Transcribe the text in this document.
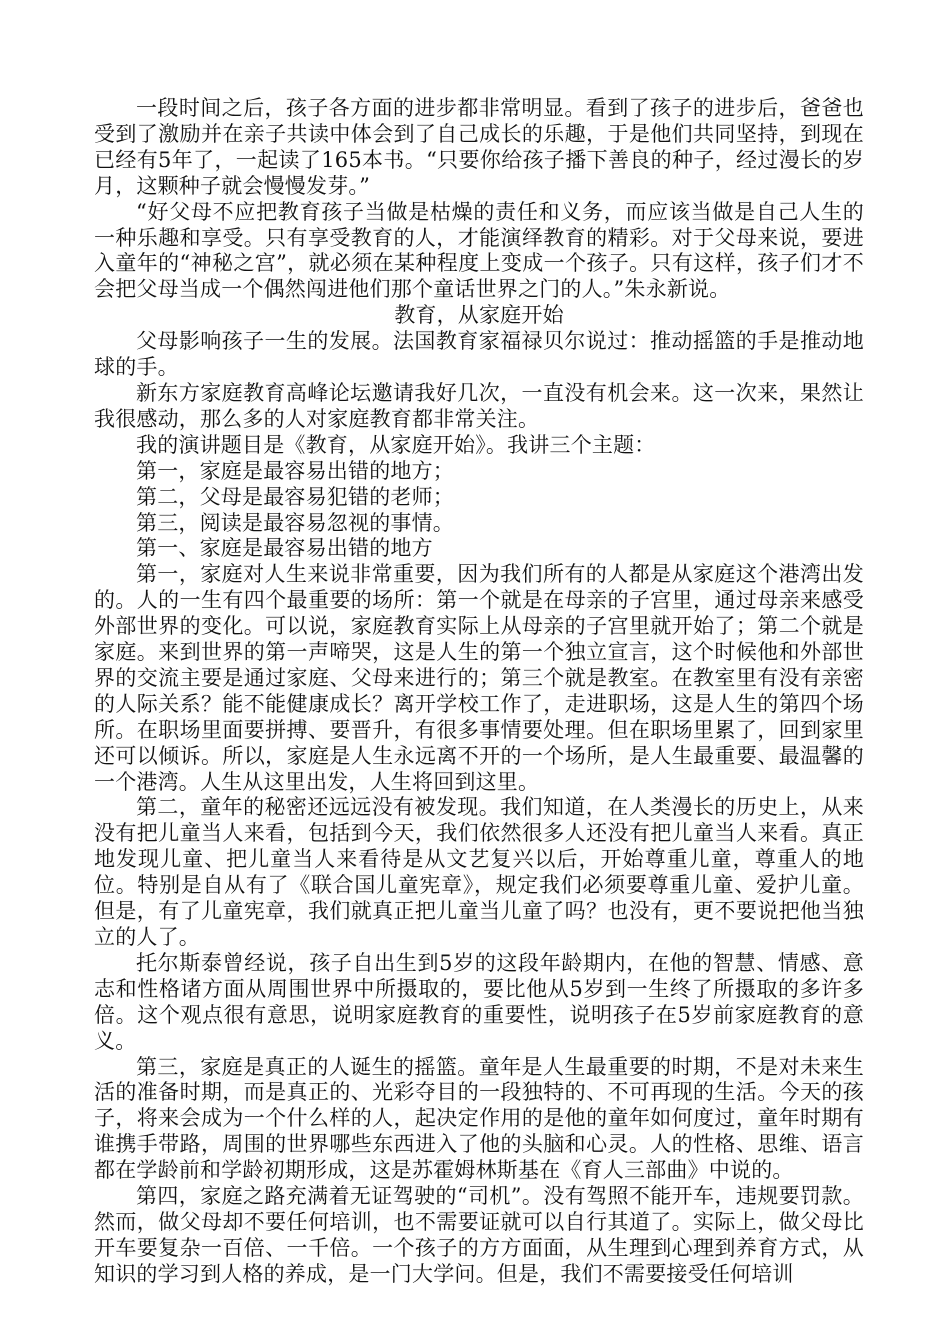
一段时间之后，孩子各方面的进步都非常明显。看到了孩子的进步后，爸爸也受到了激励并在亲子共读中体会到了自己成长的乐趣，于是他们共同坚持，到现在已经有5年了，一起读了165本书。“只要你给孩子播下善良的种子，经过漫长的岁月，这颗种子就会慢慢发芽。”

“好父母不应把教育孩子当做是枯燥的责任和义务，而应该当做是自己人生的一种乐趣和享受。只有享受教育的人，才能演绎教育的精彩。对于父母来说，要进入童年的“神秘之宫”，就必须在某种程度上变成一个孩子。只有这样，孩子们才不会把父母当成一个偶然闯进他们那个童话世界之门的人。”朱永新说。

教育，从家庭开始

父母影响孩子一生的发展。法国教育家福禄贝尔说过：推动摇篮的手是推动地球的手。

新东方家庭教育高峰论坛邀请我好几次，一直没有机会来。这一次来，果然让我很感动，那么多的人对家庭教育都非常关注。

我的演讲题目是《教育，从家庭开始》。我讲三个主题：

第一，家庭是最容易出错的地方；

第二，父母是最容易犯错的老师；

第三，阅读是最容易忽视的事情。

第一、家庭是最容易出错的地方

第一，家庭对人生来说非常重要，因为我们所有的人都是从家庭这个港湾出发的。人的一生有四个最重要的场所：第一个就是在母亲的子宫里，通过母亲来感受外部世界的变化。可以说，家庭教育实际上从母亲的子宫里就开始了；第二个就是家庭。来到世界的第一声啼哭，这是人生的第一个独立宣言，这个时候他和外部世界的交流主要是通过家庭、父母来进行的；第三个就是教室。在教室里有没有亲密的人际关系？能不能健康成长？离开学校工作了，走进职场，这是人生的第四个场所。在职场里面要拼搏、要晋升，有很多事情要处理。但在职场里累了，回到家里还可以倾诉。所以，家庭是人生永远离不开的一个场所，是人生最重要、最温馨的一个港湾。人生从这里出发，人生将回到这里。

第二，童年的秘密还远远没有被发现。我们知道，在人类漫长的历史上，从来没有把儿童当人来看，包括到今天，我们依然很多人还没有把儿童当人来看。真正地发现儿童、把儿童当人来看待是从文艺复兴以后，开始尊重儿童，尊重人的地位。特别是自从有了《联合国儿童宪章》，规定我们必须要尊重儿童、爱护儿童。但是，有了儿童宪章，我们就真正把儿童当儿童了吗？也没有，更不要说把他当独立的人了。

托尔斯泰曾经说，孩子自出生到5岁的这段年龄期内，在他的智慧、情感、意志和性格诸方面从周围世界中所摄取的，要比他从5岁到一生终了所摄取的多许多倍。这个观点很有意思，说明家庭教育的重要性，说明孩子在5岁前家庭教育的意义。

第三，家庭是真正的人诞生的摇篮。童年是人生最重要的时期，不是对未来生活的准备时期，而是真正的、光彩夺目的一段独特的、不可再现的生活。今天的孩子，将来会成为一个什么样的人，起决定作用的是他的童年如何度过，童年时期有谁携手带路，周围的世界哪些东西进入了他的头脑和心灵。人的性格、思维、语言都在学龄前和学龄初期形成，这是苏霍姆林斯基在《育人三部曲》中说的。

第四，家庭之路充满着无证驾驶的“司机”。没有驾照不能开车，违规要罚款。然而，做父母却不要任何培训，也不需要证就可以自行其道了。实际上，做父母比开车要复杂一百倍、一千倍。一个孩子的方方面面，从生理到心理到养育方式，从知识的学习到人格的养成，是一门大学问。但是，我们不需要接受任何培训
